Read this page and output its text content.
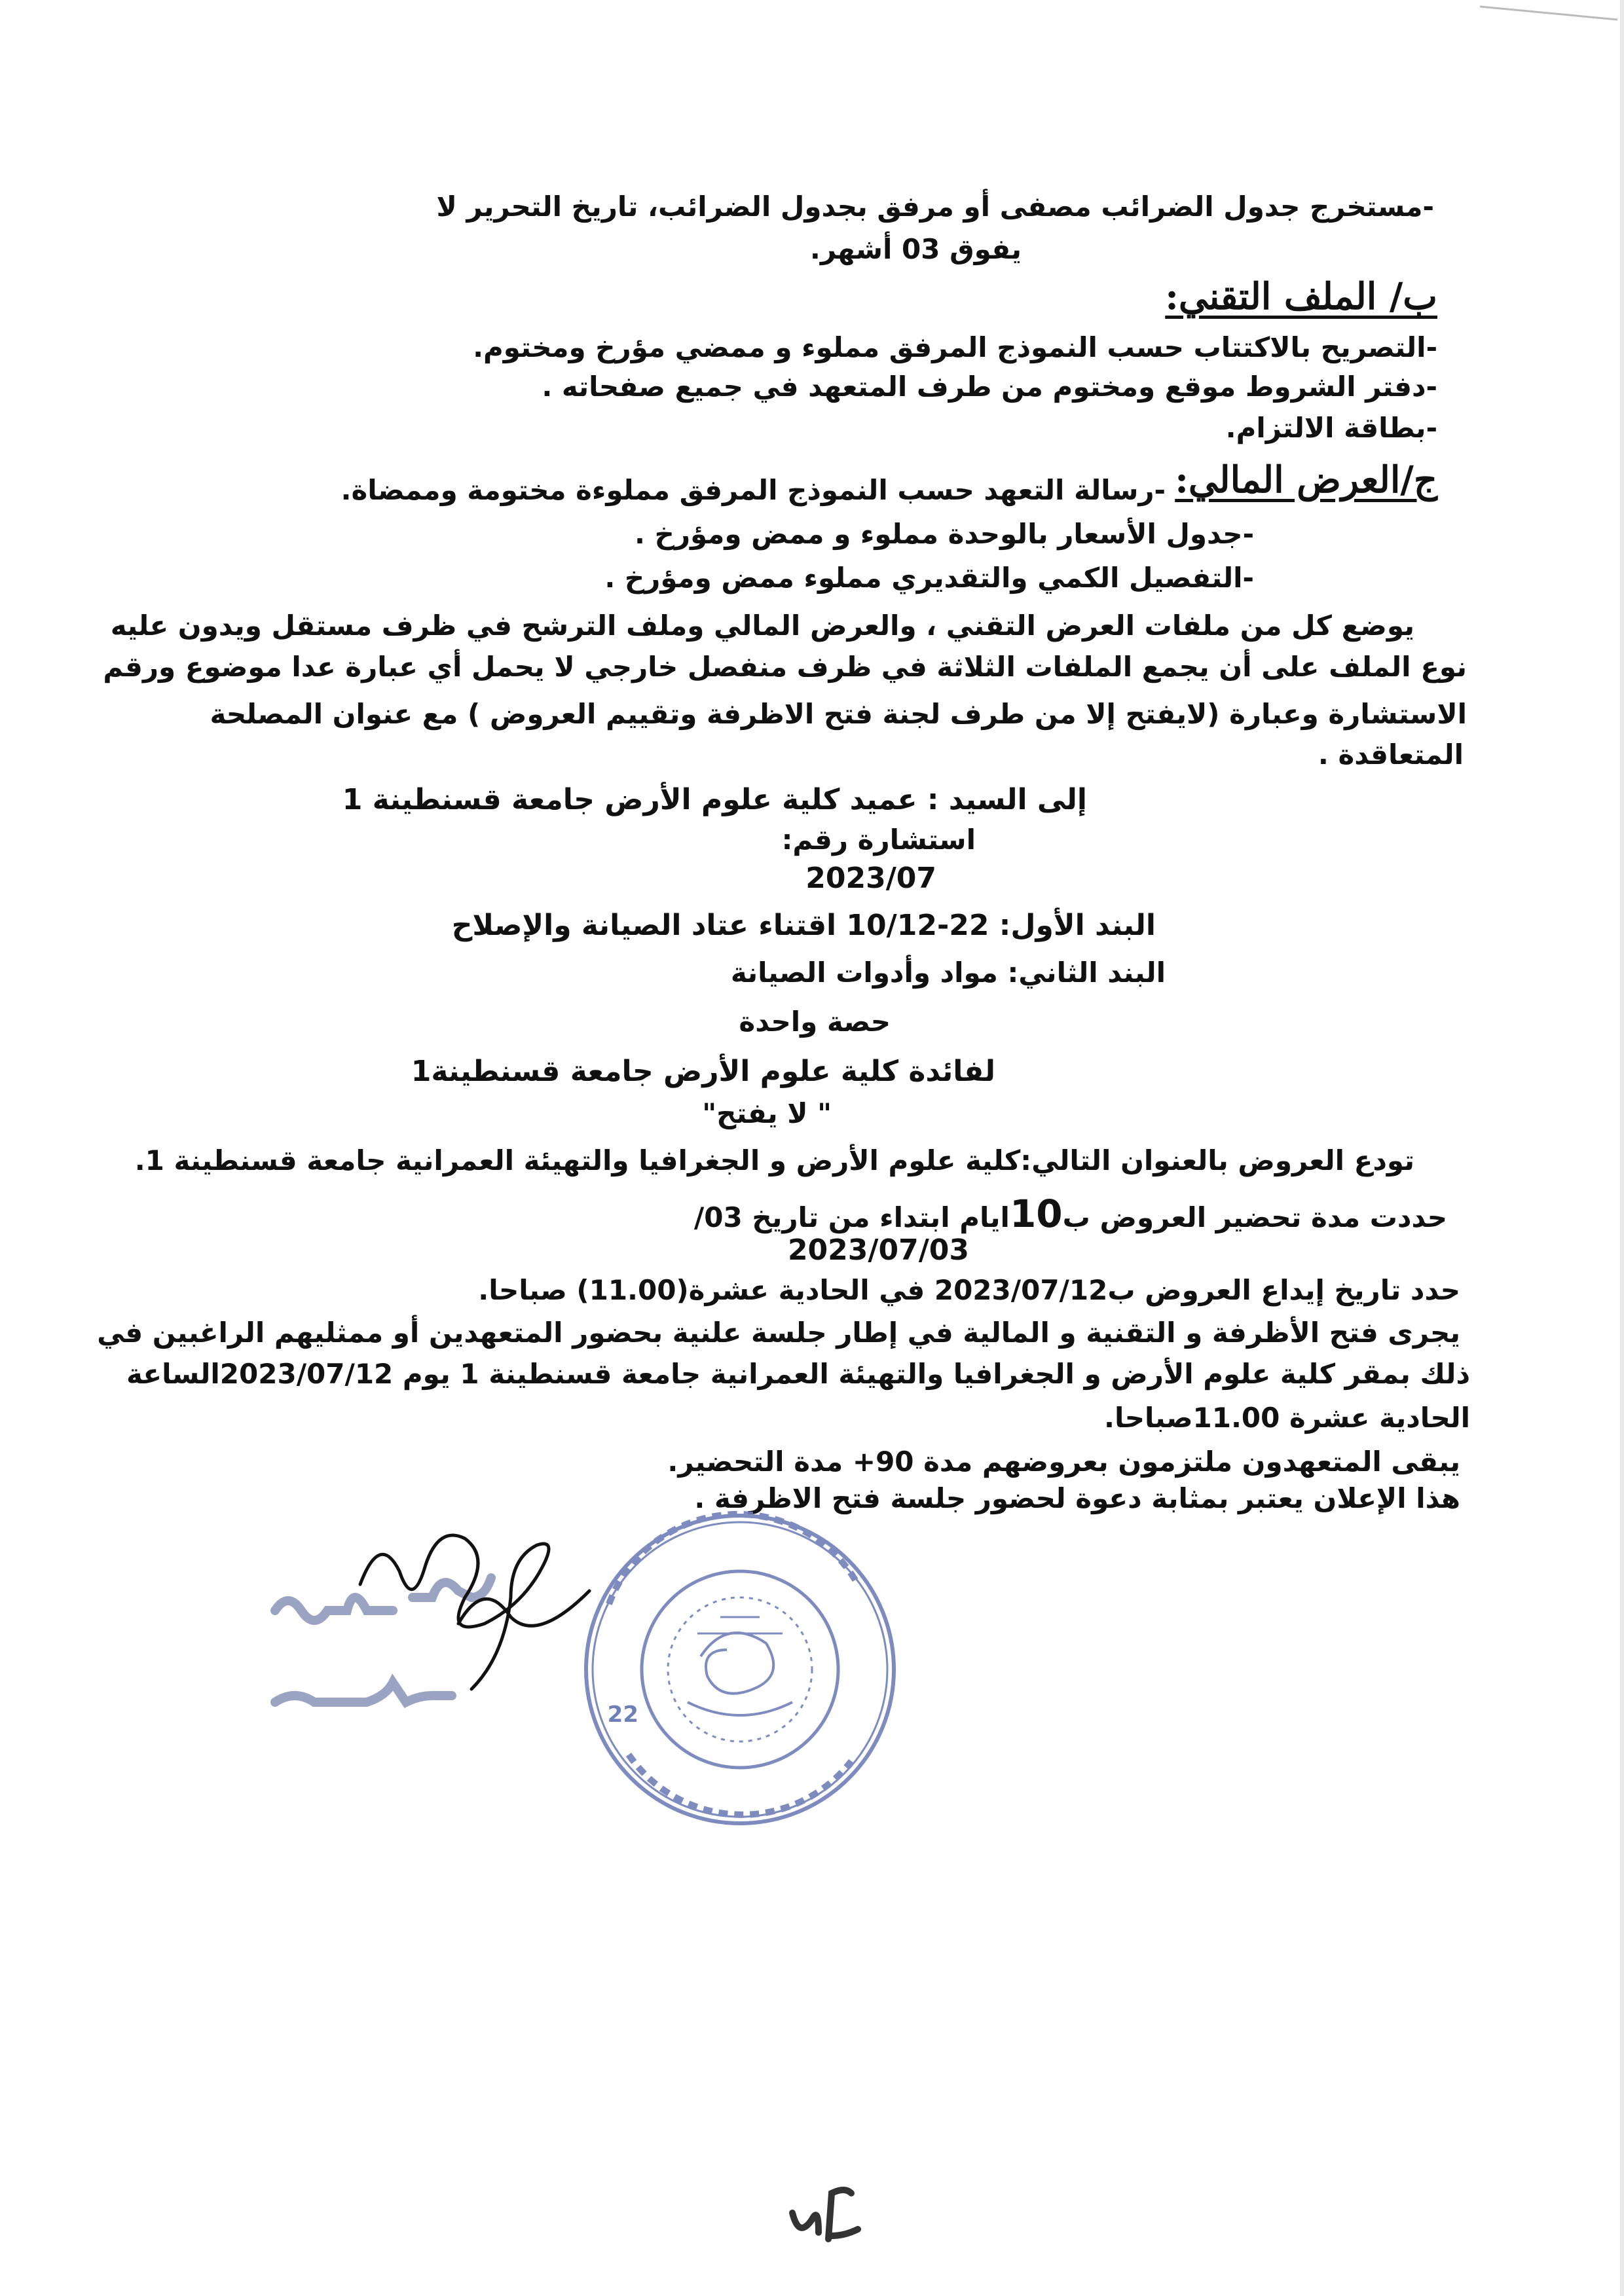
-مستخرج جدول الضرائب مصفى أو مرفق بجدول الضرائب، تاريخ التحرير لا
يفوق 03 أشهر.
ب/ الملف التقني:
-التصريح بالاكتتاب حسب النموذج المرفق مملوء و ممضي مؤرخ ومختوم.
-دفتر الشروط موقع ومختوم من طرف المتعهد في جميع صفحاته .
-بطاقة الالتزام.
ج/العرض المالي:
-رسالة التعهد حسب النموذج المرفق مملوءة مختومة وممضاة.
-جدول الأسعار بالوحدة مملوء و ممض ومؤرخ .
-التفصيل الكمي والتقديري مملوء ممض ومؤرخ .
يوضع كل من ملفات العرض التقني ، والعرض المالي وملف الترشح في ظرف مستقل ويدون عليه
نوع الملف على أن يجمع الملفات الثلاثة في ظرف منفصل خارجي لا يحمل أي عبارة عدا موضوع ورقم
الاستشارة وعبارة (لايفتح إلا من طرف لجنة فتح الاظرفة وتقييم العروض ) مع عنوان المصلحة
المتعاقدة .
إلى السيد : عميد كلية علوم الأرض جامعة قسنطينة 1
استشارة رقم:
2023/07
البند الأول: 22-10/12 اقتناء عتاد الصيانة والإصلاح
البند الثاني: مواد وأدوات الصيانة
حصة واحدة
لفائدة كلية علوم الأرض جامعة قسنطينة1
" لا يفتح"
تودع العروض بالعنوان التالي:كلية علوم الأرض و الجغرافيا والتهيئة العمرانية جامعة قسنطينة 1.
حددت مدة تحضير العروض ب10ايام ابتداء من تاريخ 03/
2023/07/03
حدد تاريخ إيداع العروض ب2023/07/12 في الحادية عشرة(11.00) صباحا.
يجرى فتح الأظرفة و التقنية و المالية في إطار جلسة علنية بحضور المتعهدين أو ممثليهم الراغبين في
ذلك بمقر كلية علوم الأرض و الجغرافيا والتهيئة العمرانية جامعة قسنطينة 1 يوم 2023/07/12الساعة
الحادية عشرة 11.00صباحا.
يبقى المتعهدون ملتزمون بعروضهم مدة 90+ مدة التحضير.
هذا الإعلان يعتبر بمثابة دعوة لحضور جلسة فتح الاظرفة .
22
